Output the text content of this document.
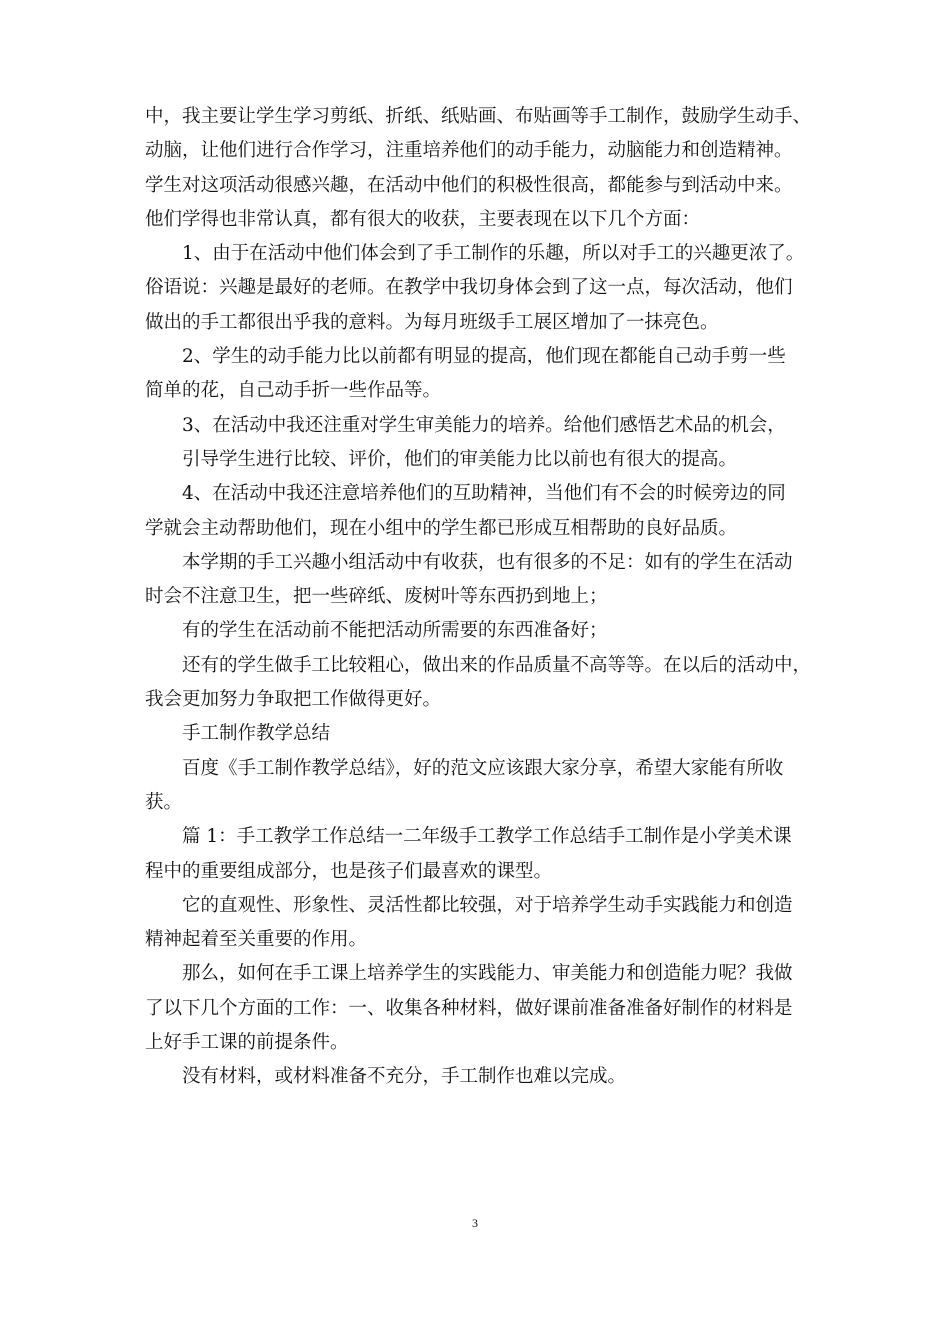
中，我主要让学生学习剪纸、折纸、纸贴画、布贴画等手工制作，鼓励学生动手、
动脑，让他们进行合作学习，注重培养他们的动手能力，动脑能力和创造精神。
学生对这项活动很感兴趣，在活动中他们的积极性很高，都能参与到活动中来。
他们学得也非常认真，都有很大的收获，主要表现在以下几个方面：
1、由于在活动中他们体会到了手工制作的乐趣，所以对手工的兴趣更浓了。
俗语说：兴趣是最好的老师。在教学中我切身体会到了这一点，每次活动，他们
做出的手工都很出乎我的意料。为每月班级手工展区增加了一抹亮色。
2、学生的动手能力比以前都有明显的提高，他们现在都能自己动手剪一些
简单的花，自己动手折一些作品等。
3、在活动中我还注重对学生审美能力的培养。给他们感悟艺术品的机会，
引导学生进行比较、评价，他们的审美能力比以前也有很大的提高。
4、在活动中我还注意培养他们的互助精神，当他们有不会的时候旁边的同
学就会主动帮助他们，现在小组中的学生都已形成互相帮助的良好品质。
本学期的手工兴趣小组活动中有收获，也有很多的不足：如有的学生在活动
时会不注意卫生，把一些碎纸、废树叶等东西扔到地上；
有的学生在活动前不能把活动所需要的东西准备好；
还有的学生做手工比较粗心，做出来的作品质量不高等等。在以后的活动中，
我会更加努力争取把工作做得更好。
手工制作教学总结
百度《手工制作教学总结》，好的范文应该跟大家分享，希望大家能有所收
获。
篇 1：手工教学工作总结一二年级手工教学工作总结手工制作是小学美术课
程中的重要组成部分，也是孩子们最喜欢的课型。
它的直观性、形象性、灵活性都比较强，对于培养学生动手实践能力和创造
精神起着至关重要的作用。
那么，如何在手工课上培养学生的实践能力、审美能力和创造能力呢？我做
了以下几个方面的工作：一、收集各种材料，做好课前准备准备好制作的材料是
上好手工课的前提条件。
没有材料，或材料准备不充分，手工制作也难以完成。
3
